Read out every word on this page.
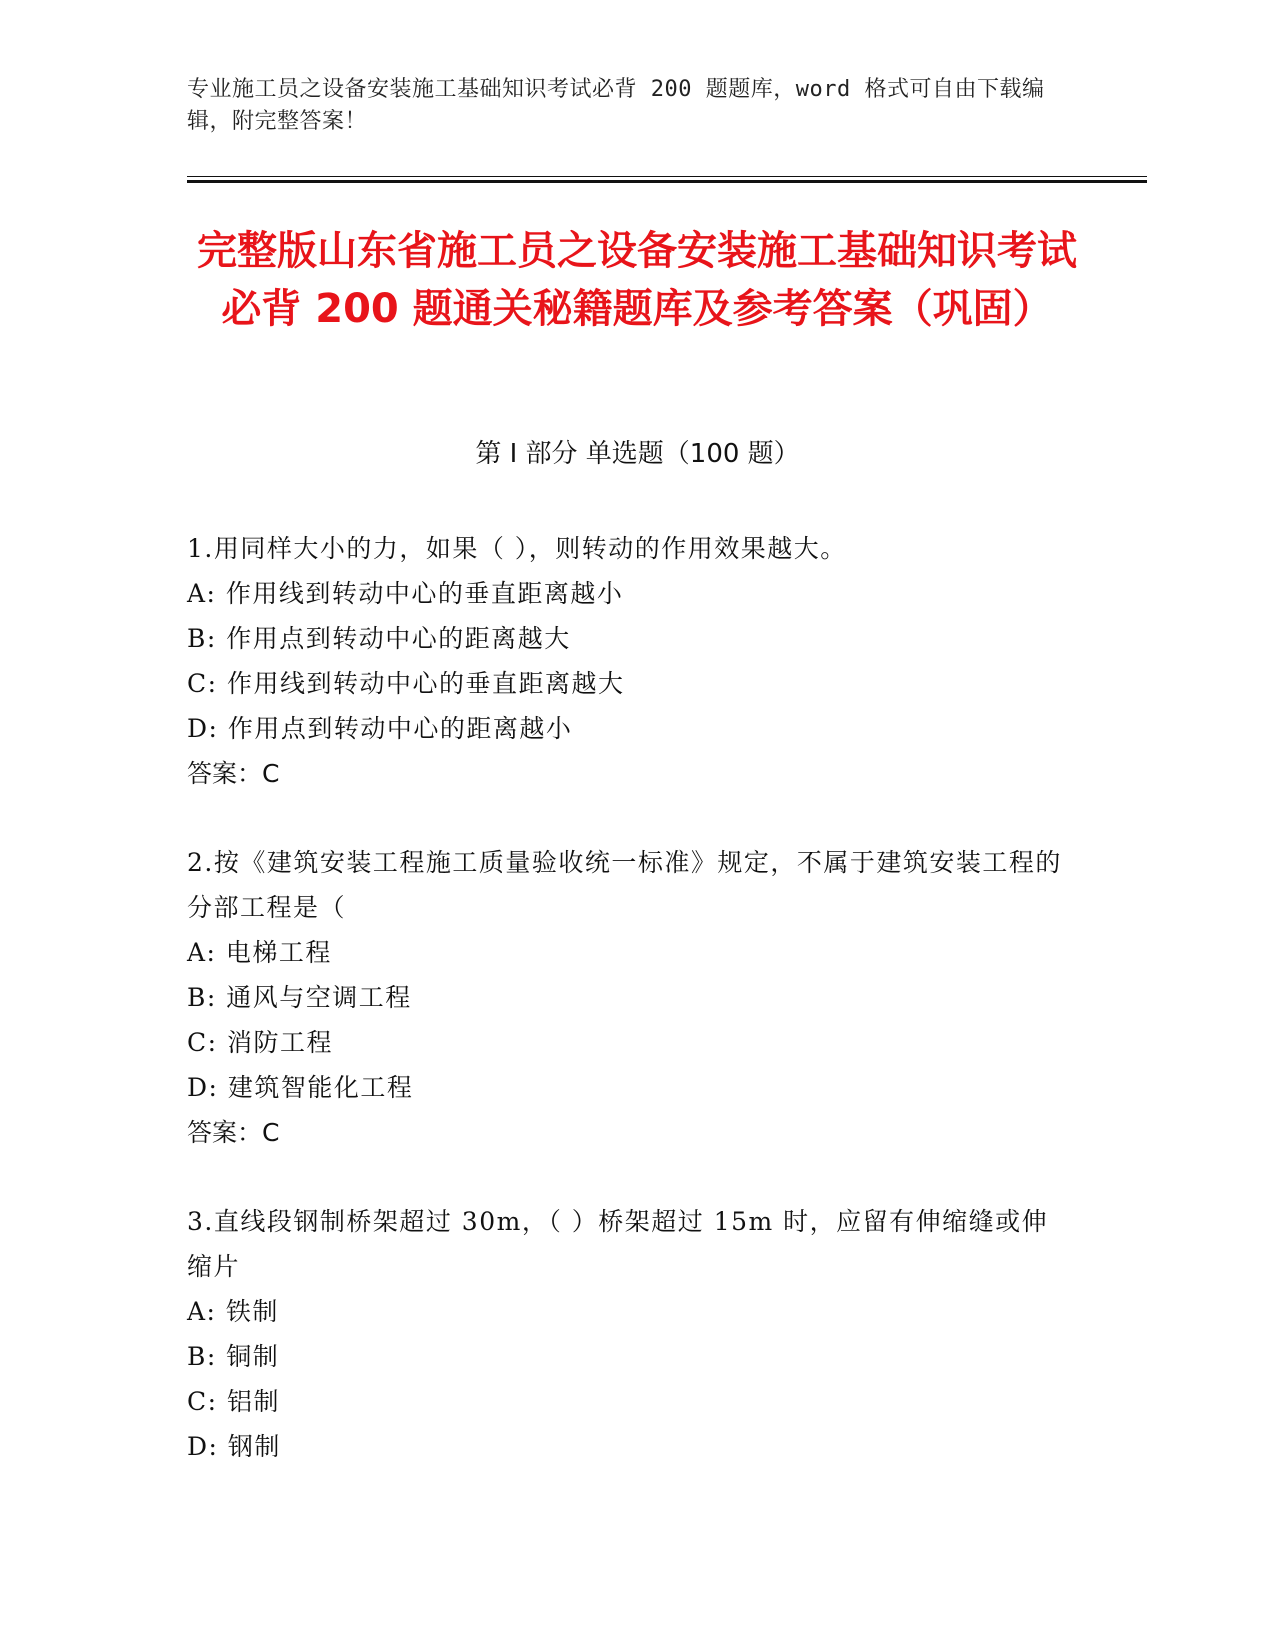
专业施工员之设备安装施工基础知识考试必背 200 题题库，word 格式可自由下载编辑，附完整答案！
完整版山东省施工员之设备安装施工基础知识考试必背 200 题通关秘籍题库及参考答案（巩固）
第 I 部分 单选题（100 题）
1.用同样大小的力，如果（ ），则转动的作用效果越大。
A: 作用线到转动中心的垂直距离越小
B: 作用点到转动中心的距离越大
C: 作用线到转动中心的垂直距离越大
D: 作用点到转动中心的距离越小
答案：C
2.按《建筑安装工程施工质量验收统一标准》规定，不属于建筑安装工程的分部工程是（
A: 电梯工程
B: 通风与空调工程
C: 消防工程
D: 建筑智能化工程
答案：C
3.直线段钢制桥架超过 30m，（ ）桥架超过 15m 时，应留有伸缩缝或伸缩片
A: 铁制
B: 铜制
C: 铝制
D: 钢制
